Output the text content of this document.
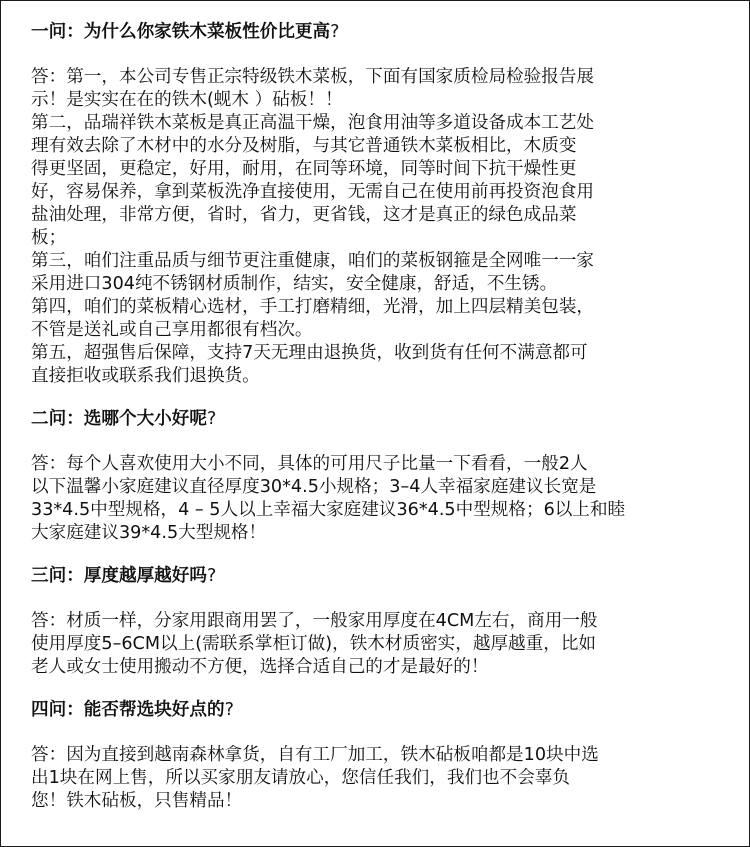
一问：为什么你家铁木菜板性价比更高?
答：第一，本公司专售正宗特级铁木菜板，下面有国家质检局检验报告展
示！是实实在在的铁木(蚬木 ）砧板！！
第二，品瑞祥铁木菜板是真正高温干燥，泡食用油等多道设备成本工艺处
理有效去除了木材中的水分及树脂，与其它普通铁木菜板相比，木质变
得更坚固，更稳定，好用，耐用，在同等环境，同等时间下抗干燥性更
好，容易保养，拿到菜板洗净直接使用，无需自己在使用前再投资泡食用
盐油处理，非常方便，省时，省力，更省钱，这才是真正的绿色成品菜
板；
第三，咱们注重品质与细节更注重健康，咱们的菜板钢箍是全网唯一一家
采用进口304纯不锈钢材质制作，结实，安全健康，舒适，不生锈。
第四，咱们的菜板精心选材，手工打磨精细，光滑，加上四层精美包装，
不管是送礼或自己享用都很有档次。
第五，超强售后保障，支持7天无理由退换货，收到货有任何不满意都可
直接拒收或联系我们退换货。
二问：选哪个大小好呢?
答：每个人喜欢使用大小不同，具体的可用尺子比量一下看看，一般2人
以下温馨小家庭建议直径厚度30*4.5小规格；3–4人幸福家庭建议长宽是
33*4.5中型规格，4 – 5人以上幸福大家庭建议36*4.5中型规格；6以上和睦
大家庭建议39*4.5大型规格！
三问：厚度越厚越好吗?
答：材质一样，分家用跟商用罢了，一般家用厚度在4CM左右，商用一般
使用厚度5–6CM以上(需联系掌柜订做)，铁木材质密实，越厚越重，比如
老人或女士使用搬动不方便，选择合适自己的才是最好的！
四问：能否帮选块好点的?
答：因为直接到越南森林拿货，自有工厂加工，铁木砧板咱都是10块中选
出1块在网上售，所以买家朋友请放心，您信任我们，我们也不会辜负
您！铁木砧板，只售精品！
